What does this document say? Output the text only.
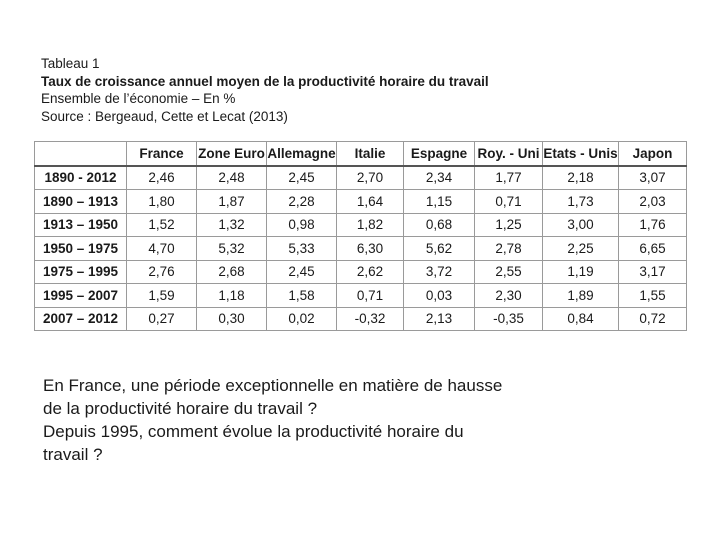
Tableau 1
Taux de croissance annuel moyen de la productivité horaire du travail
Ensemble de l’économie – En %
Source : Bergeaud, Cette et Lecat (2013)
	France	Zone Euro	Allemagne	Italie	Espagne	Roy. - Uni	Etats - Unis	Japon
1890 - 2012	2,46	2,48	2,45	2,70	2,34	1,77	2,18	3,07
1890 – 1913	1,80	1,87	2,28	1,64	1,15	0,71	1,73	2,03
1913 – 1950	1,52	1,32	0,98	1,82	0,68	1,25	3,00	1,76
1950 – 1975	4,70	5,32	5,33	6,30	5,62	2,78	2,25	6,65
1975 – 1995	2,76	2,68	2,45	2,62	3,72	2,55	1,19	3,17
1995 – 2007	1,59	1,18	1,58	0,71	0,03	2,30	1,89	1,55
2007 – 2012	0,27	0,30	0,02	-0,32	2,13	-0,35	0,84	0,72
En France, une période exceptionnelle en matière de hausse
de la productivité horaire du travail ?
Depuis 1995, comment évolue la productivité horaire du
travail ?
